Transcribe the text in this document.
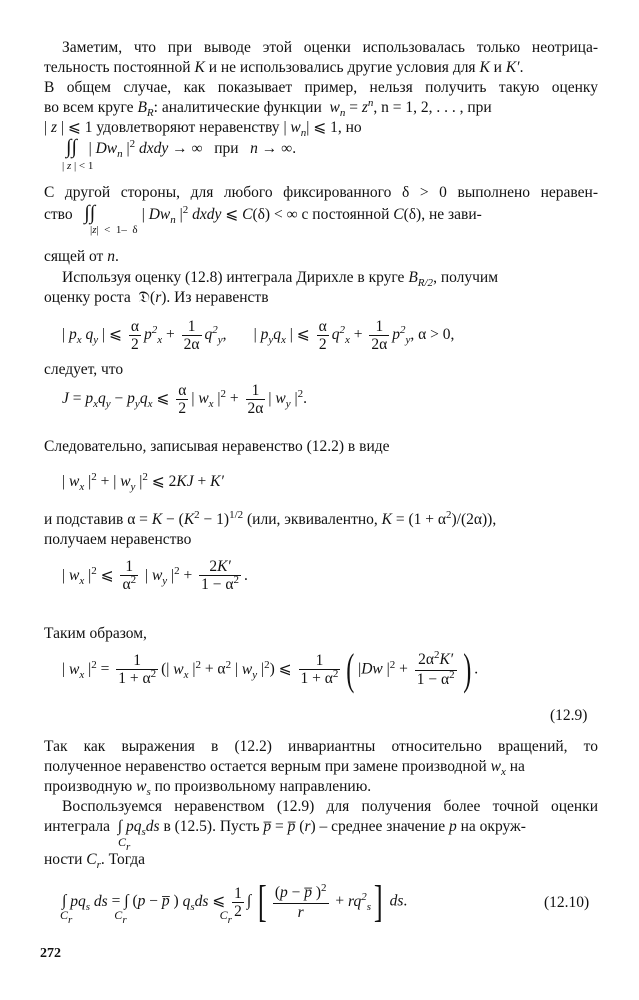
Заметим, что при выводе этой оценки использовалась только неотрица-
тельность постоянной K и не использовались другие условия для K и K′.
В общем случае, как показывает пример, нельзя получить такую оценку
во всем круге $B_R$: аналитические функции $w_n = z^n$, n = 1, 2, . . . , при
| z | ⩽ 1 удовлетворяют неравенству | $w_n|$ ⩽ 1, но
∫∫   | $Dw_n$ $|^2$ dxdy → ∞   при n → ∞.
| z | < 1
С другой стороны, для любого фиксированного δ > 0 выполнено неравен-
ство ∫∫            | $Dw_n$ $|^2$ dxdy ⩽ C(δ) < ∞ с постоянной C(δ), не зави-
|z|  <  1–  δ
сящей от n.
Используя оценку (12.8) интеграла Дирихле в круге $B_{R/2}$, получим
оценку роста  𝔇(r). Из неравенств
| $p_x$ $q_y$ | ⩽ $\frac{\alpha}{2} p^2_x + \frac{1}{2\alpha} q^2_y$,       | $p_yq_x$ | ⩽ $\frac{\alpha}{2} q^2_x + \frac{1}{2\alpha} p^2_y$, α > 0,
следует, что
$J = p_xq_y - p_yq_x$ ⩽ $\frac{\alpha}{2}$ | $w_x$ $|^2 + \frac{1}{2\alpha}$ | $w_y$ $|^2$.
Следовательно, записывая неравенство (12.2) в виде
| $w_x$ $|^2$ + | $w_y$ $|^2$ ⩽ 2KJ + K′
и подставив $\alpha = K - (K^2 - 1)^{1/2}$ (или, эквивалентно, $K = (1 + \alpha^2)/(2\alpha)$),
получаем неравенство
| $w_x$ $|^2$ ⩽ $\frac{1}{\alpha^2}$ | $w_y$ $|^2 + \frac{2K'}{1 - \alpha^2}$ .
Таким образом,
| $w_x$ $|^2 = \frac{1}{1 + \alpha^2}$ (| $w_x$ $|^2 + \alpha^2$ | $w_y$ $|^2$) ⩽ $\frac{1}{1 + \alpha^2}$ ( |Dw $|^2 + \frac{2\alpha^2K'}{1 - \alpha^2}$ ) .
(12.9)
Так как выражения в (12.2) инвариантны относительно вращений, то
полученное неравенство остается верным при замене производной $w_x$ на
производную $w_s$ по произвольному направлению.
Воспользуемся неравенством (12.9) для получения более точной оценки
интеграла ∫ $pq_sds$ в (12.5). Пусть p̅ = p̅ (r) – среднее значение p на окруж-
Cr
ности $C_r$. Тогда
∫ $pq_s$ ds = ∫ (p − p̅ ) $q_sds$ ⩽ $\frac{1}{2}$ ∫ [ $\frac{(p - p̅ )^2}{r} + rq^2_s$] ds.
Cr	Cr	Cr
(12.10)
272
